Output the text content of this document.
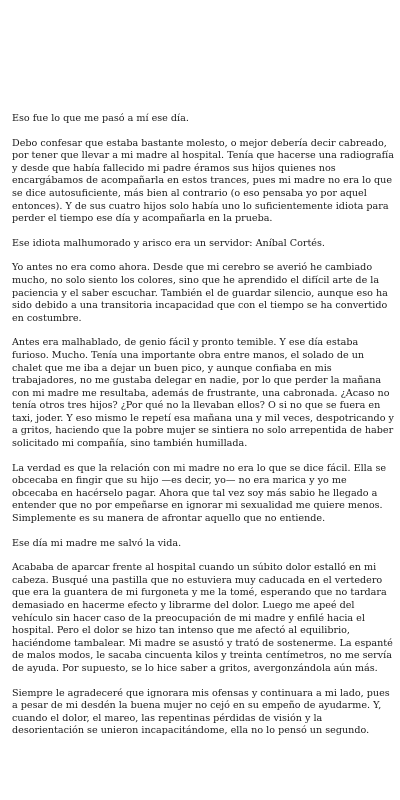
Eso fue lo que me pasó a mí ese día.

Debo confesar que estaba bastante molesto, o mejor debería decir cabreado, por tener que llevar a mi madre al hospital. Tenía que hacerse una radiografía y desde que había fallecido mi padre éramos sus hijos quienes nos encargábamos de acompañarla en estos trances, pues mi madre no era lo que se dice autosuficiente, más bien al contrario (o eso pensaba yo por aquel entonces). Y de sus cuatro hijos solo había uno lo suficientemente idiota para perder el tiempo ese día y acompañarla en la prueba.

Ese idiota malhumorado y arisco era un servidor: Aníbal Cortés.

Yo antes no era como ahora. Desde que mi cerebro se averió he cambiado mucho, no solo siento los colores, sino que he aprendido el difícil arte de la paciencia y el saber escuchar. También el de guardar silencio, aunque eso ha sido debido a una transitoria incapacidad que con el tiempo se ha convertido en costumbre.

Antes era malhablado, de genio fácil y pronto temible. Y ese día estaba furioso. Mucho. Tenía una importante obra entre manos, el solado de un chalet que me iba a dejar un buen pico, y aunque confiaba en mis trabajadores, no me gustaba delegar en nadie, por lo que perder la mañana con mi madre me resultaba, además de frustrante, una cabronada. ¿Acaso no tenía otros tres hijos? ¿Por qué no la llevaban ellos? O si no que se fuera en taxi, joder. Y eso mismo le repetí esa mañana una y mil veces, despotricando y a gritos, haciendo que la pobre mujer se sintiera no solo arrepentida de haber solicitado mi compañía, sino también humillada.

La verdad es que la relación con mi madre no era lo que se dice fácil. Ella se obcecaba en fingir que su hijo —es decir, yo— no era marica y yo me obcecaba en hacérselo pagar. Ahora que tal vez soy más sabio he llegado a entender que no por empeñarse en ignorar mi sexualidad me quiere menos. Simplemente es su manera de afrontar aquello que no entiende.

Ese día mi madre me salvó la vida.

Acababa de aparcar frente al hospital cuando un súbito dolor estalló en mi cabeza. Busqué una pastilla que no estuviera muy caducada en el vertedero que era la guantera de mi furgoneta y me la tomé, esperando que no tardara demasiado en hacerme efecto y librarme del dolor. Luego me apeé del vehículo sin hacer caso de la preocupación de mi madre y enfilé hacia el hospital. Pero el dolor se hizo tan intenso que me afectó al equilibrio, haciéndome tambalear. Mi madre se asustó y trató de sostenerme. La espanté de malos modos, le sacaba cincuenta kilos y treinta centímetros, no me servía de ayuda. Por supuesto, se lo hice saber a gritos, avergonzándola aún más.

Siempre le agradeceré que ignorara mis ofensas y continuara a mi lado, pues a pesar de mi desdén la buena mujer no cejó en su empeño de ayudarme. Y, cuando el dolor, el mareo, las repentinas pérdidas de visión y la desorientación se unieron incapacitándome, ella no lo pensó un segundo.
